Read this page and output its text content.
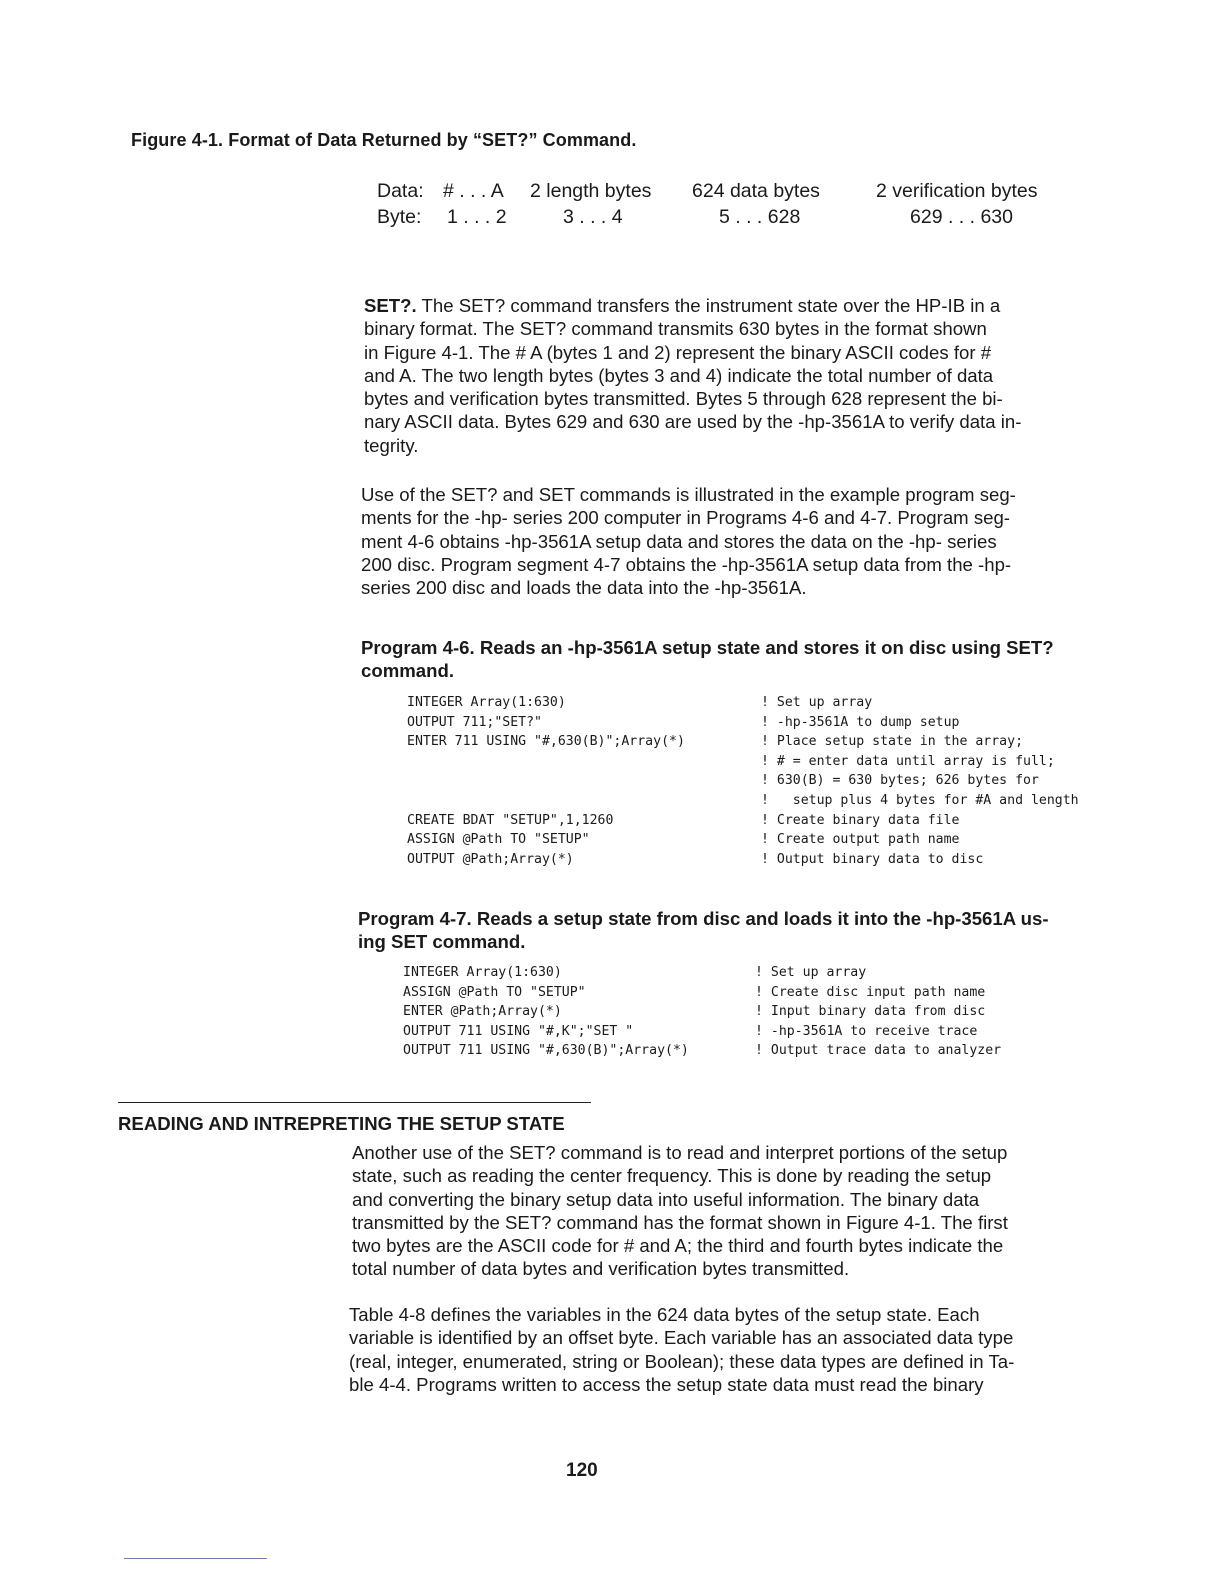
Figure 4-1. Format of Data Returned by “SET?” Command.
Data:
Byte:
# . . . A
1 . . . 2
2 length bytes
3 . . . 4
624 data bytes
5 . . . 628
2 verification bytes
629 . . . 630
SET?. The SET? command transfers the instrument state over the HP-IB in a
binary format. The SET? command transmits 630 bytes in the format shown
in Figure 4-1. The # A (bytes 1 and 2) represent the binary ASCII codes for #
and A. The two length bytes (bytes 3 and 4) indicate the total number of data
bytes and verification bytes transmitted. Bytes 5 through 628 represent the bi-
nary ASCII data. Bytes 629 and 630 are used by the -hp-3561A to verify data in-
tegrity.
Use of the SET? and SET commands is illustrated in the example program seg-
ments for the -hp- series 200 computer in Programs 4-6 and 4-7. Program seg-
ment 4-6 obtains -hp-3561A setup data and stores the data on the -hp- series
200 disc. Program segment 4-7 obtains the -hp-3561A setup data from the -hp-
series 200 disc and loads the data into the -hp-3561A.
Program 4-6. Reads an -hp-3561A setup state and stores it on disc using SET?
command.
INTEGER Array(1:630)
OUTPUT 711;"SET?"
ENTER 711 USING "#,630(B)";Array(*)
CREATE BDAT "SETUP",1,1260
ASSIGN @Path TO "SETUP"
OUTPUT @Path;Array(*)
! Set up array
! -hp-3561A to dump setup
! Place setup state in the array;
! # = enter data until array is full;
! 630(B) = 630 bytes; 626 bytes for
!   setup plus 4 bytes for #A and length
! Create binary data file
! Create output path name
! Output binary data to disc
Program 4-7. Reads a setup state from disc and loads it into the -hp-3561A us-
ing SET command.
INTEGER Array(1:630)
ASSIGN @Path TO "SETUP"
ENTER @Path;Array(*)
OUTPUT 711 USING "#,K";"SET "
OUTPUT 711 USING "#,630(B)";Array(*)
! Set up array
! Create disc input path name
! Input binary data from disc
! -hp-3561A to receive trace
! Output trace data to analyzer
READING AND INTREPRETING THE SETUP STATE
Another use of the SET? command is to read and interpret portions of the setup
state, such as reading the center frequency. This is done by reading the setup
and converting the binary setup data into useful information. The binary data
transmitted by the SET? command has the format shown in Figure 4-1. The first
two bytes are the ASCII code for # and A; the third and fourth bytes indicate the
total number of data bytes and verification bytes transmitted.
Table 4-8 defines the variables in the 624 data bytes of the setup state. Each
variable is identified by an offset byte. Each variable has an associated data type
(real, integer, enumerated, string or Boolean); these data types are defined in Ta-
ble 4-4. Programs written to access the setup state data must read the binary
120
